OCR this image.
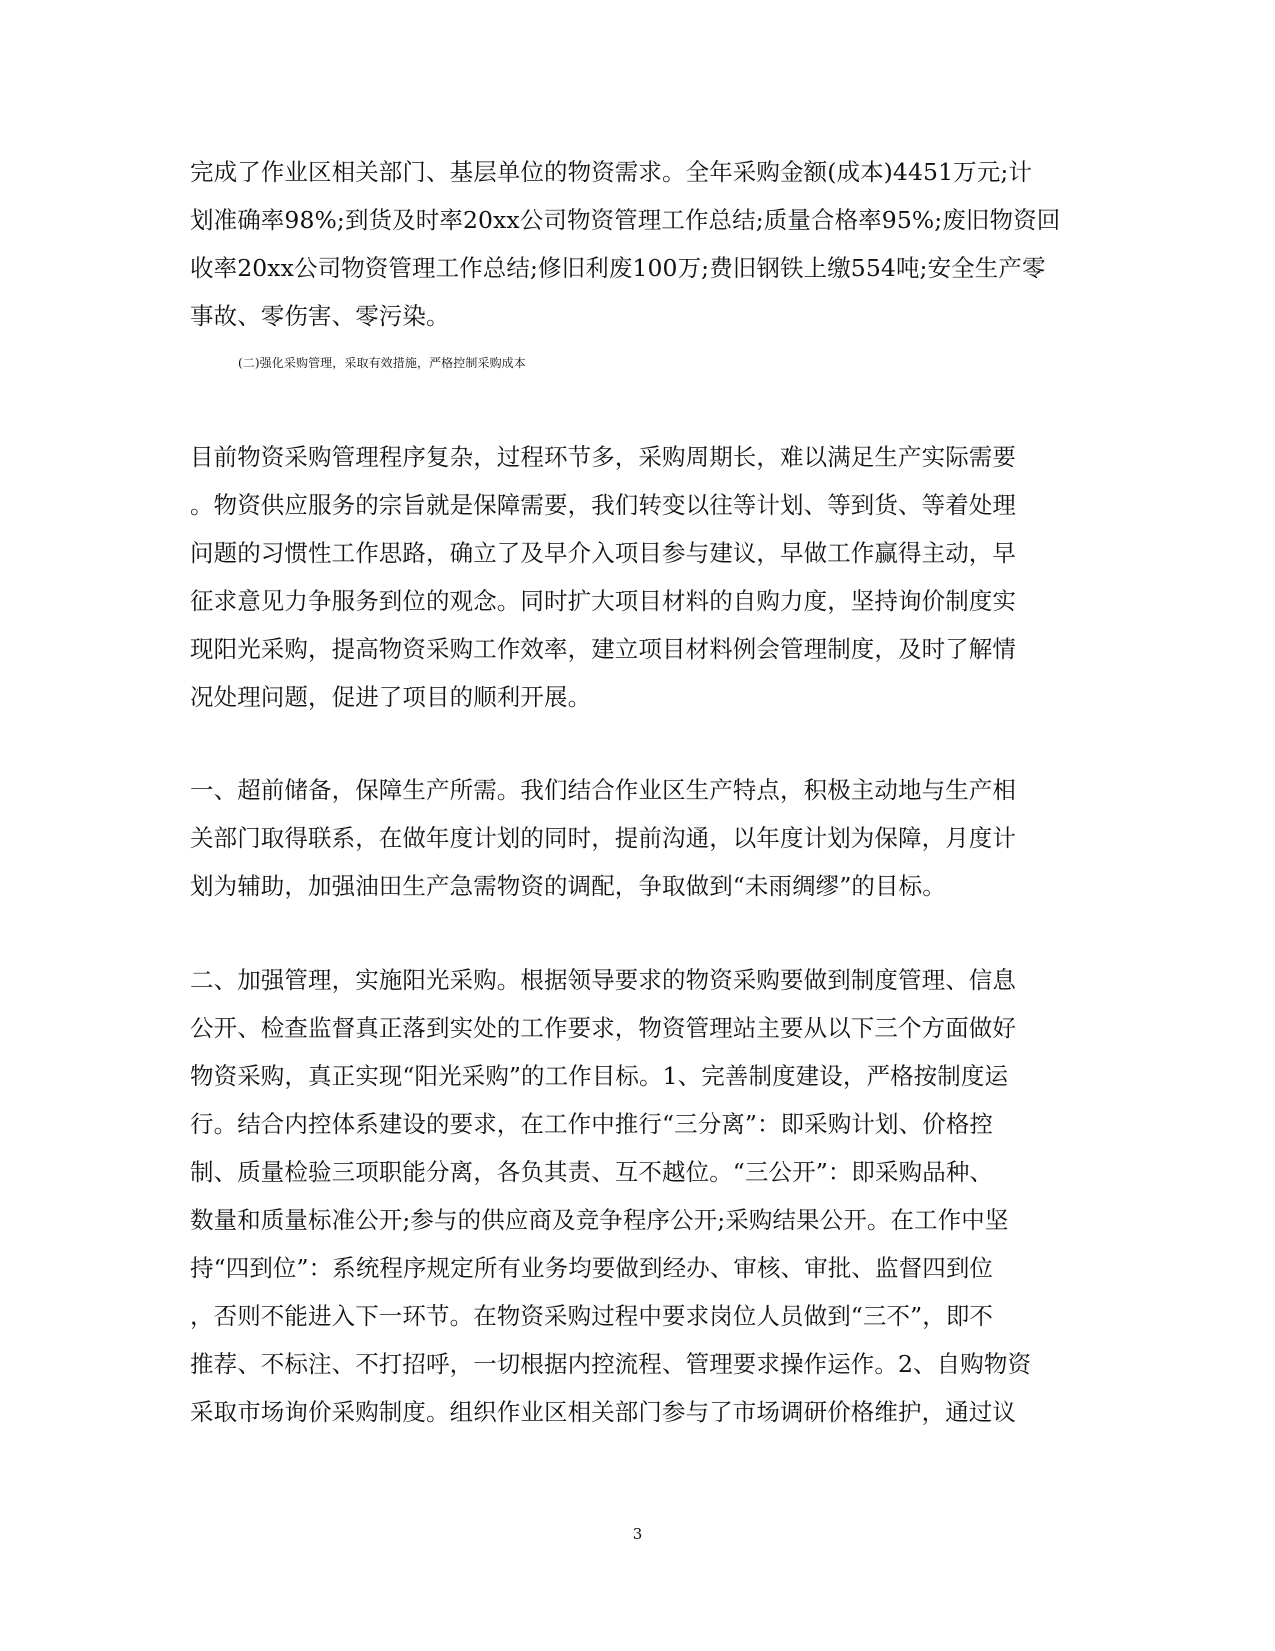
完成了作业区相关部门、基层单位的物资需求。全年采购金额(成本)4451万元;计
划准确率98%;到货及时率20xx公司物资管理工作总结;质量合格率95%;废旧物资回
收率20xx公司物资管理工作总结;修旧利废100万;费旧钢铁上缴554吨;安全生产零
事故、零伤害、零污染。
(二)强化采购管理，采取有效措施，严格控制采购成本
目前物资采购管理程序复杂，过程环节多，采购周期长，难以满足生产实际需要
。物资供应服务的宗旨就是保障需要，我们转变以往等计划、等到货、等着处理
问题的习惯性工作思路，确立了及早介入项目参与建议，早做工作赢得主动，早
征求意见力争服务到位的观念。同时扩大项目材料的自购力度，坚持询价制度实
现阳光采购，提高物资采购工作效率，建立项目材料例会管理制度，及时了解情
况处理问题，促进了项目的顺利开展。
一、超前储备，保障生产所需。我们结合作业区生产特点，积极主动地与生产相
关部门取得联系，在做年度计划的同时，提前沟通，以年度计划为保障，月度计
划为辅助，加强油田生产急需物资的调配，争取做到“未雨绸缪”的目标。
二、加强管理，实施阳光采购。根据领导要求的物资采购要做到制度管理、信息
公开、检查监督真正落到实处的工作要求，物资管理站主要从以下三个方面做好
物资采购，真正实现“阳光采购”的工作目标。1、完善制度建设，严格按制度运
行。结合内控体系建设的要求，在工作中推行“三分离”：即采购计划、价格控
制、质量检验三项职能分离，各负其责、互不越位。“三公开”：即采购品种、
数量和质量标准公开;参与的供应商及竞争程序公开;采购结果公开。在工作中坚
持“四到位”：系统程序规定所有业务均要做到经办、审核、审批、监督四到位
，否则不能进入下一环节。在物资采购过程中要求岗位人员做到“三不”，即不
推荐、不标注、不打招呼，一切根据内控流程、管理要求操作运作。2、自购物资
采取市场询价采购制度。组织作业区相关部门参与了市场调研价格维护，通过议
3
